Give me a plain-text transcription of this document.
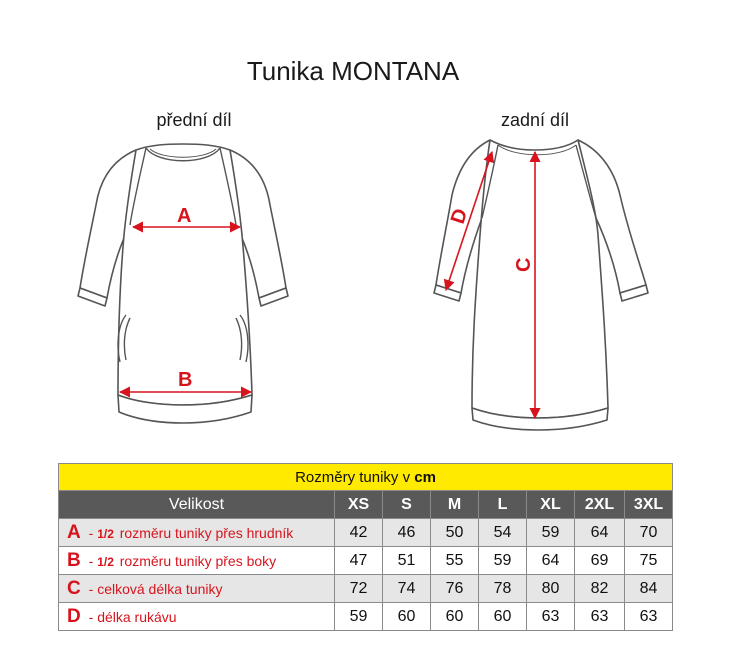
Tunika MONTANA
přední díl	zadní díl
A
B
C
D
Rozměry tuniky v cm							
Velikost	XS	S	M	L	XL	2XL	3XL
A - 1/2 rozměru tuniky přes hrudník	42	46	50	54	59	64	70
B - 1/2 rozměru tuniky přes boky	47	51	55	59	64	69	75
C - celková délka tuniky	72	74	76	78	80	82	84
D - délka rukávu	59	60	60	60	63	63	63
